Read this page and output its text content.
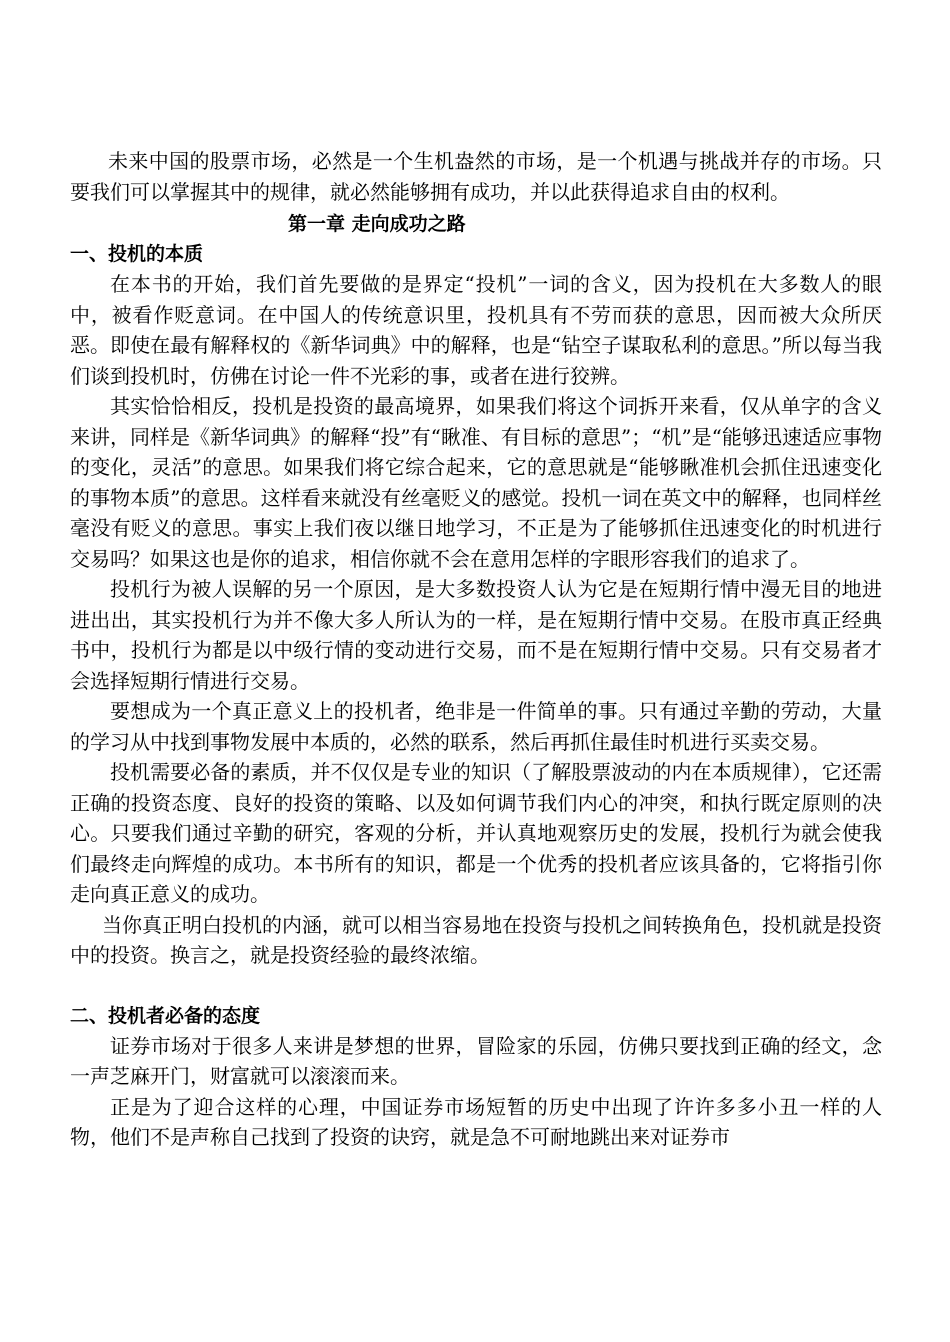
未来中国的股票市场，必然是一个生机盎然的市场，是一个机遇与挑战并存的市场。只要我们可以掌握其中的规律，就必然能够拥有成功，并以此获得追求自由的权利。

第一章 走向成功之路
一、投机的本质

在本书的开始，我们首先要做的是界定“投机”一词的含义，因为投机在大多数人的眼中，被看作贬意词。在中国人的传统意识里，投机具有不劳而获的意思，因而被大众所厌恶。即使在最有解释权的《新华词典》中的解释，也是“钻空子谋取私利的意思。”所以每当我们谈到投机时，仿佛在讨论一件不光彩的事，或者在进行狡辨。

其实恰恰相反，投机是投资的最高境界，如果我们将这个词拆开来看，仅从单字的含义来讲，同样是《新华词典》的解释“投”有“瞅准、有目标的意思”；“机”是“能够迅速适应事物的变化，灵活”的意思。如果我们将它综合起来，它的意思就是“能够瞅准机会抓住迅速变化的事物本质”的意思。这样看来就没有丝毫贬义的感觉。投机一词在英文中的解释，也同样丝毫没有贬义的意思。事实上我们夜以继日地学习，不正是为了能够抓住迅速变化的时机进行交易吗？如果这也是你的追求，相信你就不会在意用怎样的字眼形容我们的追求了。

投机行为被人误解的另一个原因，是大多数投资人认为它是在短期行情中漫无目的地进进出出，其实投机行为并不像大多人所认为的一样，是在短期行情中交易。在股市真正经典书中，投机行为都是以中级行情的变动进行交易，而不是在短期行情中交易。只有交易者才会选择短期行情进行交易。

要想成为一个真正意义上的投机者，绝非是一件简单的事。只有通过辛勤的劳动，大量的学习从中找到事物发展中本质的，必然的联系，然后再抓住最佳时机进行买卖交易。

投机需要必备的素质，并不仅仅是专业的知识（了解股票波动的内在本质规律），它还需正确的投资态度、良好的投资的策略、以及如何调节我们内心的冲突，和执行既定原则的决心。只要我们通过辛勤的研究，客观的分析，并认真地观察历史的发展，投机行为就会使我们最终走向辉煌的成功。本书所有的知识，都是一个优秀的投机者应该具备的，它将指引你走向真正意义的成功。

当你真正明白投机的内涵，就可以相当容易地在投资与投机之间转换角色，投机就是投资中的投资。换言之，就是投资经验的最终浓缩。

二、投机者必备的态度

证券市场对于很多人来讲是梦想的世界，冒险家的乐园，仿佛只要找到正确的经文，念一声芝麻开门，财富就可以滚滚而来。

正是为了迎合这样的心理，中国证券市场短暂的历史中出现了许许多多小丑一样的人物，他们不是声称自己找到了投资的诀窍，就是急不可耐地跳出来对证券市
